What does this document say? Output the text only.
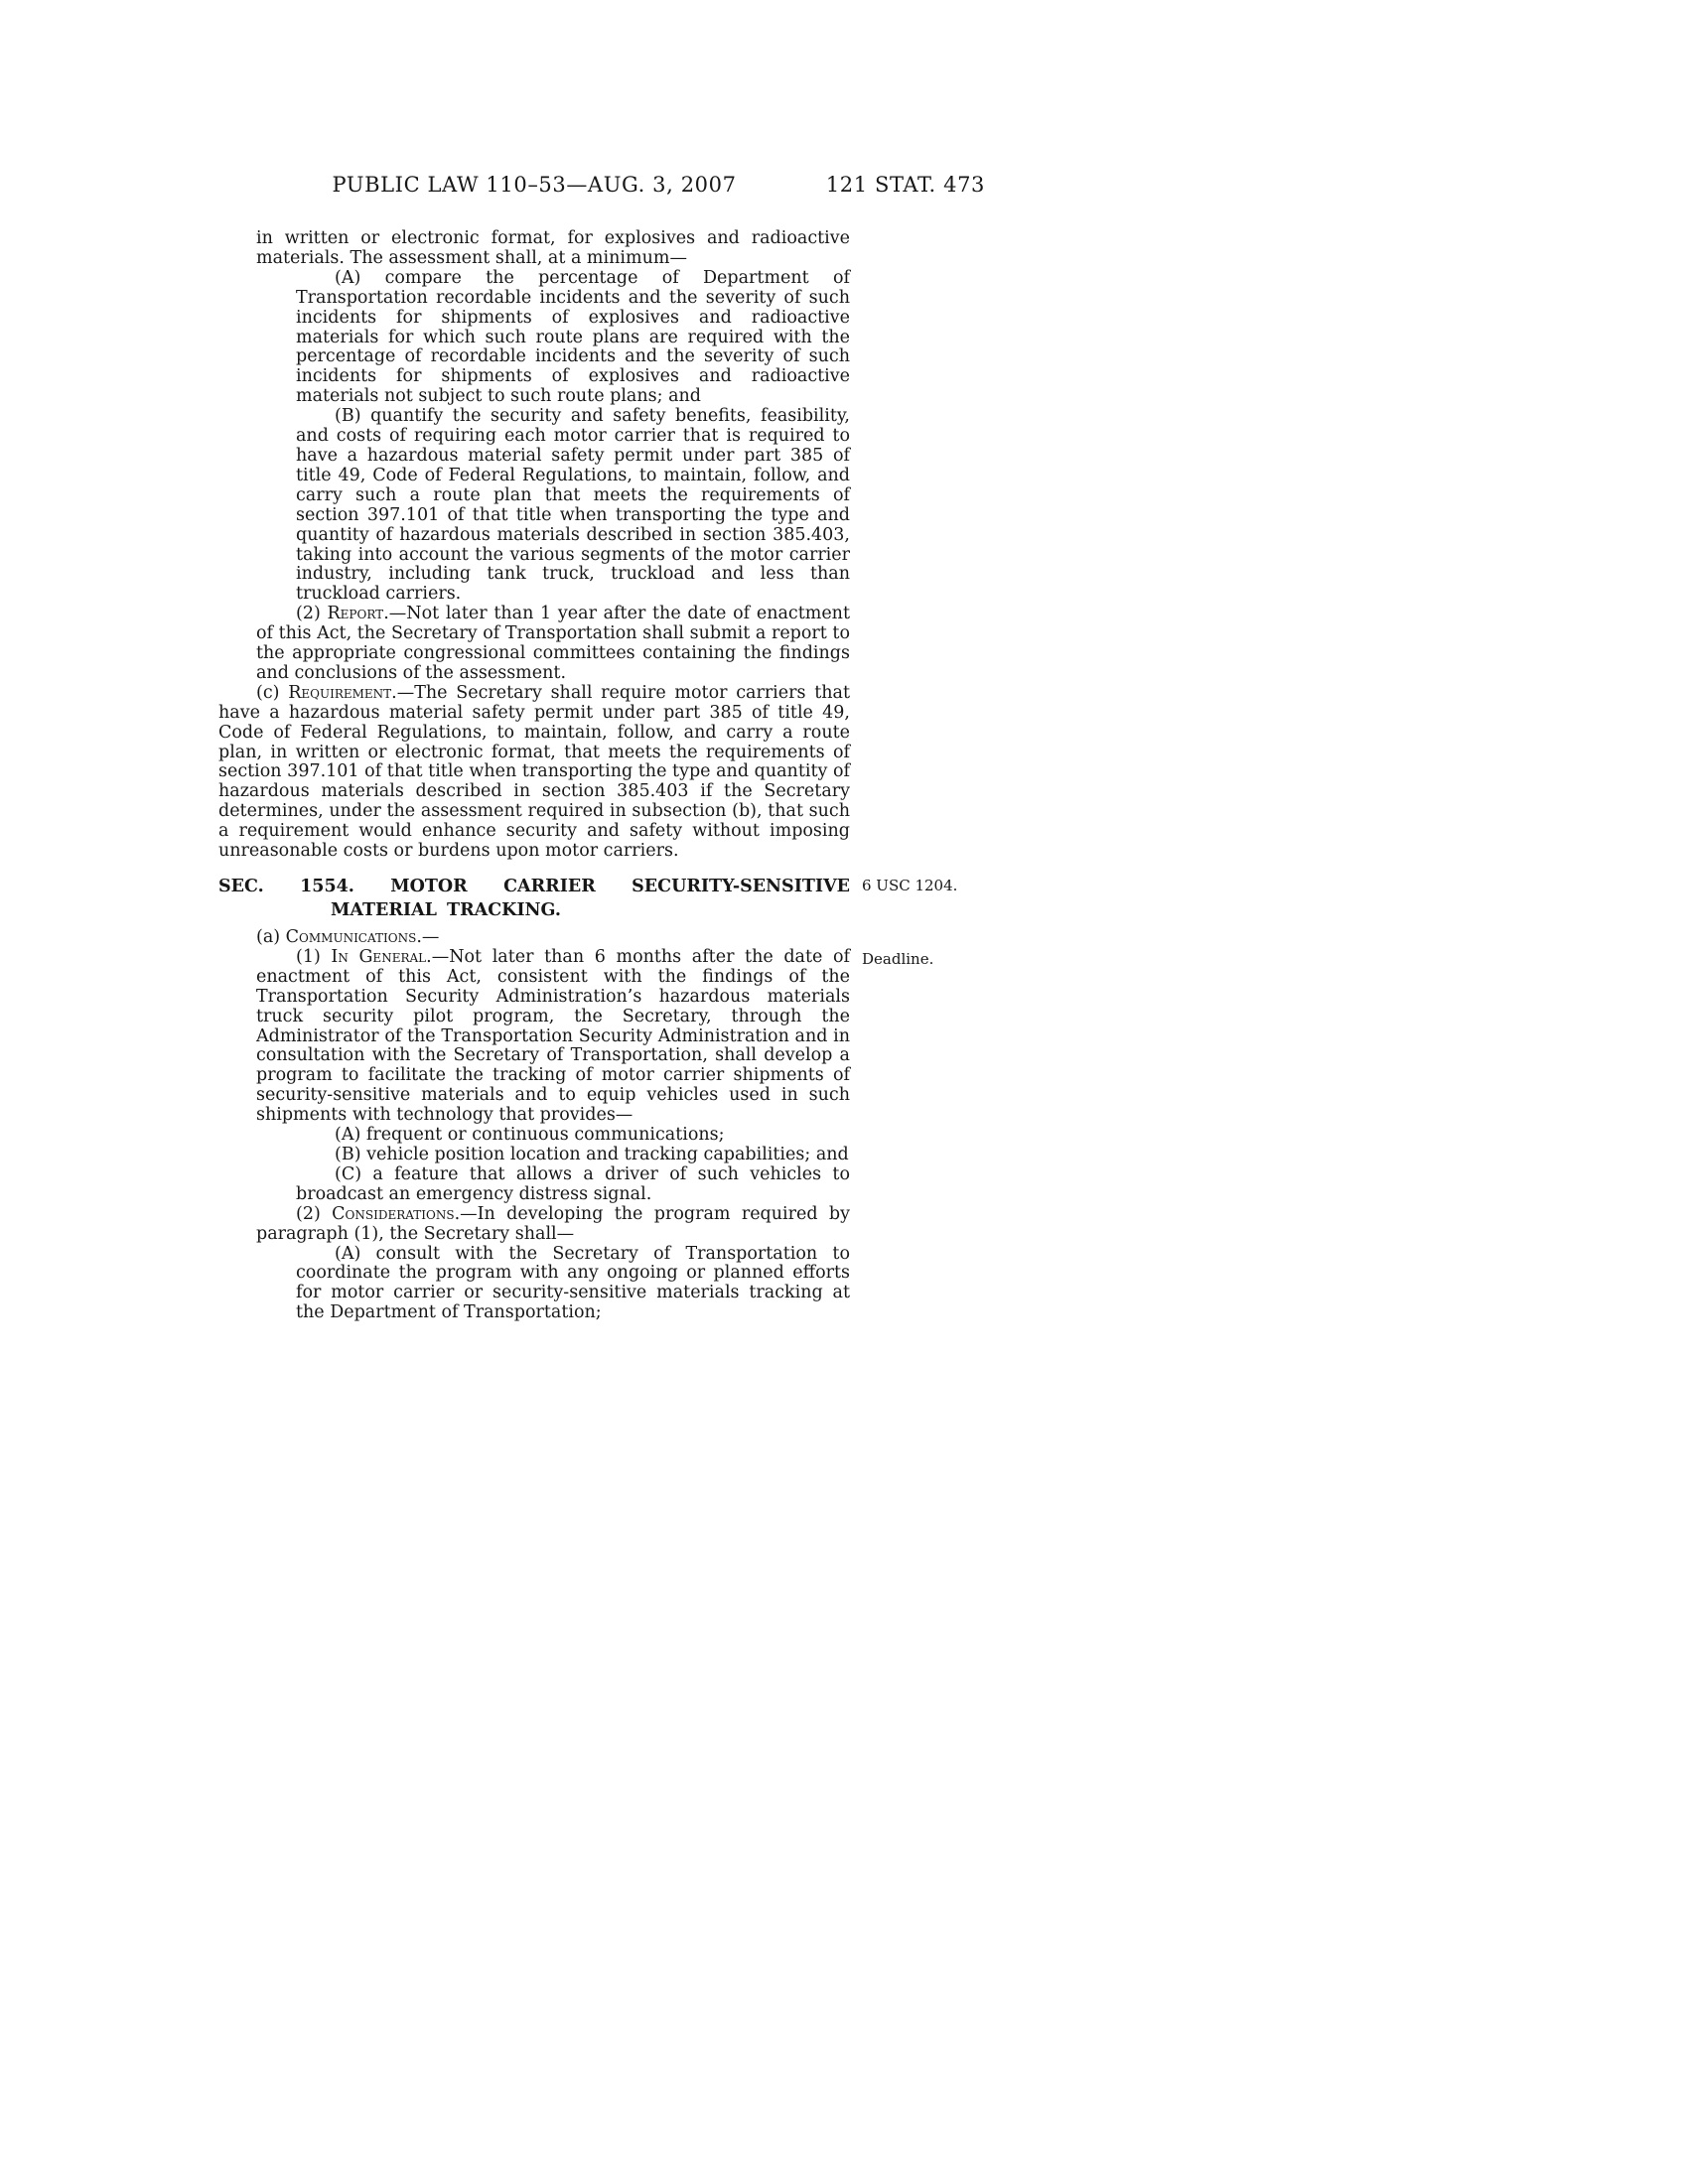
PUBLIC LAW 110–53—AUG. 3, 2007	121 STAT. 473

in written or electronic format, for explosives and radioactive materials. The assessment shall, at a minimum—

(A) compare the percentage of Department of Transportation recordable incidents and the severity of such incidents for shipments of explosives and radioactive materials for which such route plans are required with the percentage of recordable incidents and the severity of such incidents for shipments of explosives and radioactive materials not subject to such route plans; and

(B) quantify the security and safety benefits, feasibility, and costs of requiring each motor carrier that is required to have a hazardous material safety permit under part 385 of title 49, Code of Federal Regulations, to maintain, follow, and carry such a route plan that meets the requirements of section 397.101 of that title when transporting the type and quantity of hazardous materials described in section 385.403, taking into account the various segments of the motor carrier industry, including tank truck, truckload and less than truckload carriers.

(2) Report.—Not later than 1 year after the date of enactment of this Act, the Secretary of Transportation shall submit a report to the appropriate congressional committees containing the findings and conclusions of the assessment.

(c) Requirement.—The Secretary shall require motor carriers that have a hazardous material safety permit under part 385 of title 49, Code of Federal Regulations, to maintain, follow, and carry a route plan, in written or electronic format, that meets the requirements of section 397.101 of that title when transporting the type and quantity of hazardous materials described in section 385.403 if the Secretary determines, under the assessment required in subsection (b), that such a requirement would enhance security and safety without imposing unreasonable costs or burdens upon motor carriers.

SEC. 1554. MOTOR CARRIER SECURITY-SENSITIVE MATERIAL TRACKING.

(a) Communications.—

(1) In General.—Not later than 6 months after the date of enactment of this Act, consistent with the findings of the Transportation Security Administration’s hazardous materials truck security pilot program, the Secretary, through the Administrator of the Transportation Security Administration and in consultation with the Secretary of Transportation, shall develop a program to facilitate the tracking of motor carrier shipments of security-sensitive materials and to equip vehicles used in such shipments with technology that provides—

(A) frequent or continuous communications;

(B) vehicle position location and tracking capabilities; and

(C) a feature that allows a driver of such vehicles to broadcast an emergency distress signal.

(2) Considerations.—In developing the program required by paragraph (1), the Secretary shall—

(A) consult with the Secretary of Transportation to coordinate the program with any ongoing or planned efforts for motor carrier or security-sensitive materials tracking at the Department of Transportation;

6 USC 1204.
Deadline.
